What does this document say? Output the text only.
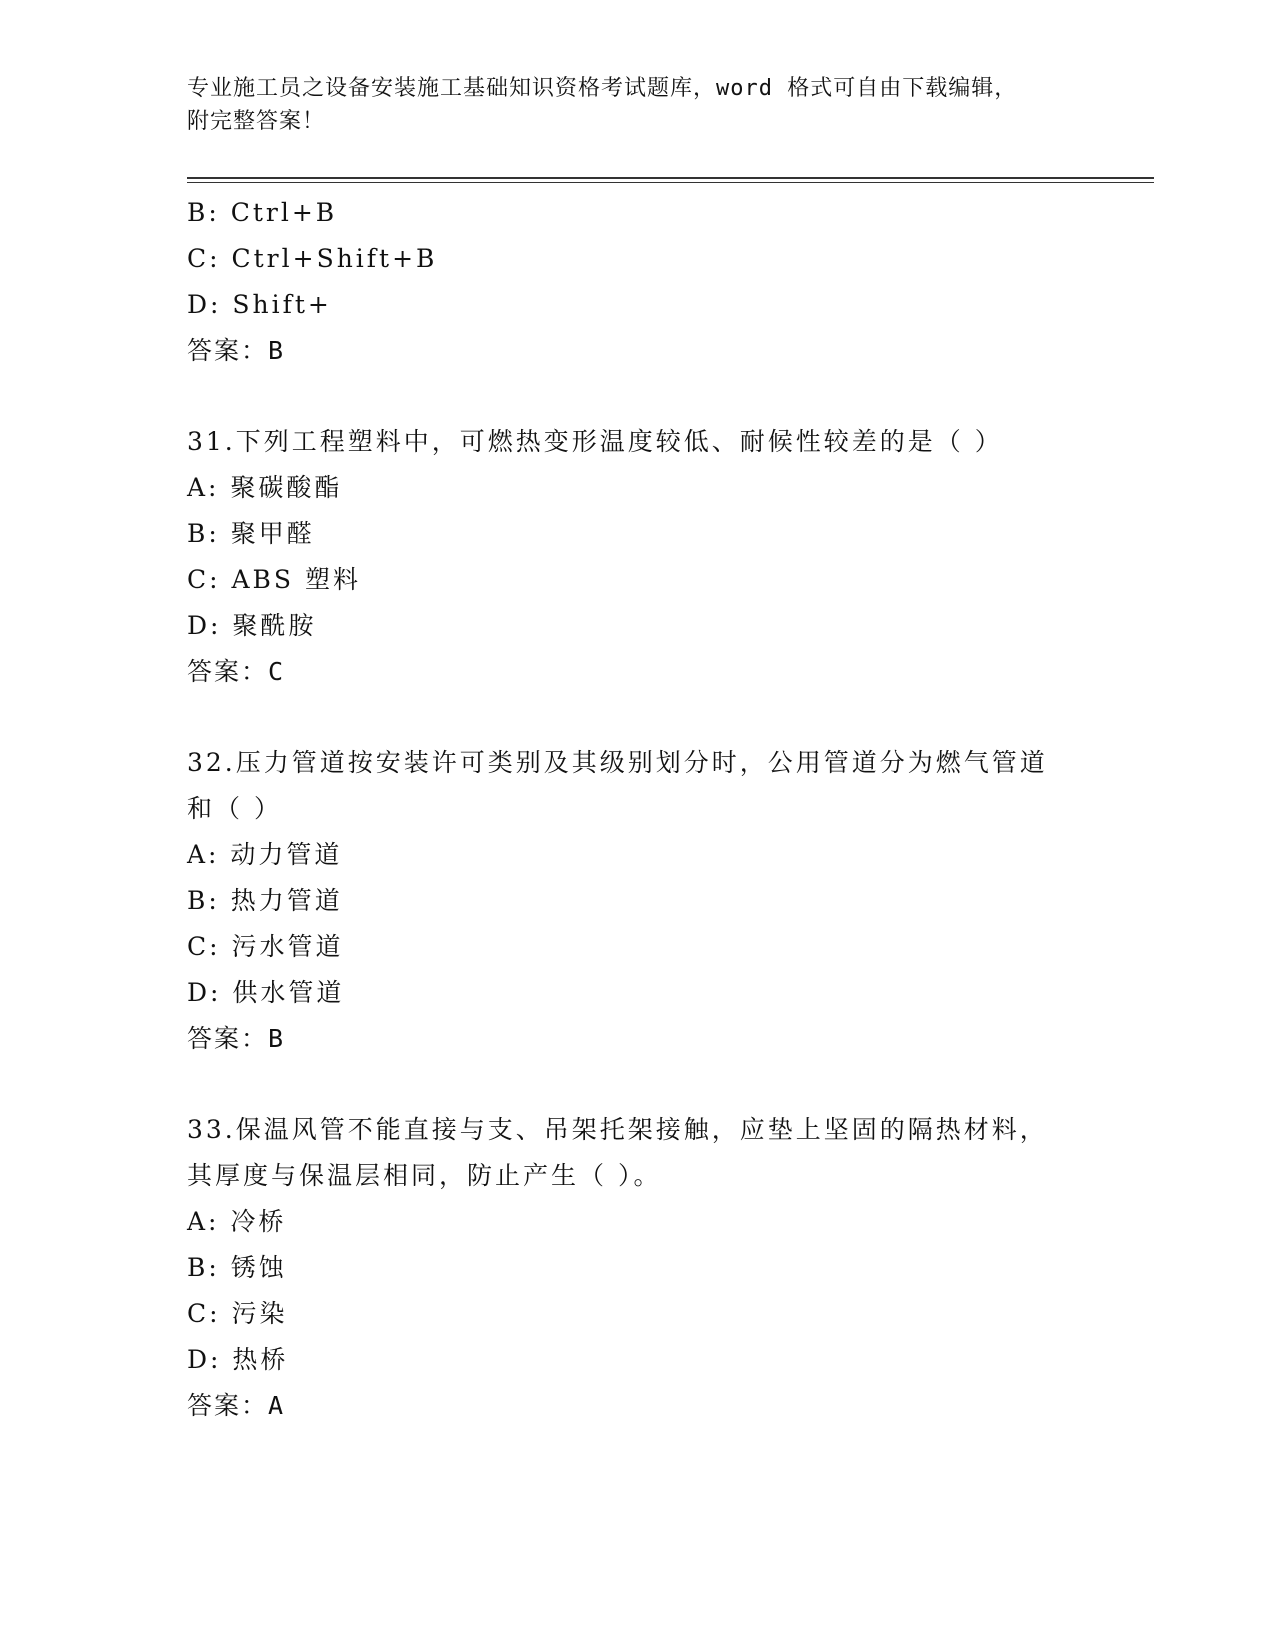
专业施工员之设备安装施工基础知识资格考试题库，word 格式可自由下载编辑，
附完整答案！
B: Ctrl+B
C: Ctrl+Shift+B
D: Shift+
答案：B
31.下列工程塑料中，可燃热变形温度较低、耐候性较差的是（ ）
A: 聚碳酸酯
B: 聚甲醛
C: ABS 塑料
D: 聚酰胺
答案：C
32.压力管道按安装许可类别及其级别划分时，公用管道分为燃气管道和（ ）
A: 动力管道
B: 热力管道
C: 污水管道
D: 供水管道
答案：B
33.保温风管不能直接与支、吊架托架接触，应垫上坚固的隔热材料，其厚度与保温层相同，防止产生（ ）。
A: 冷桥
B: 锈蚀
C: 污染
D: 热桥
答案：A
